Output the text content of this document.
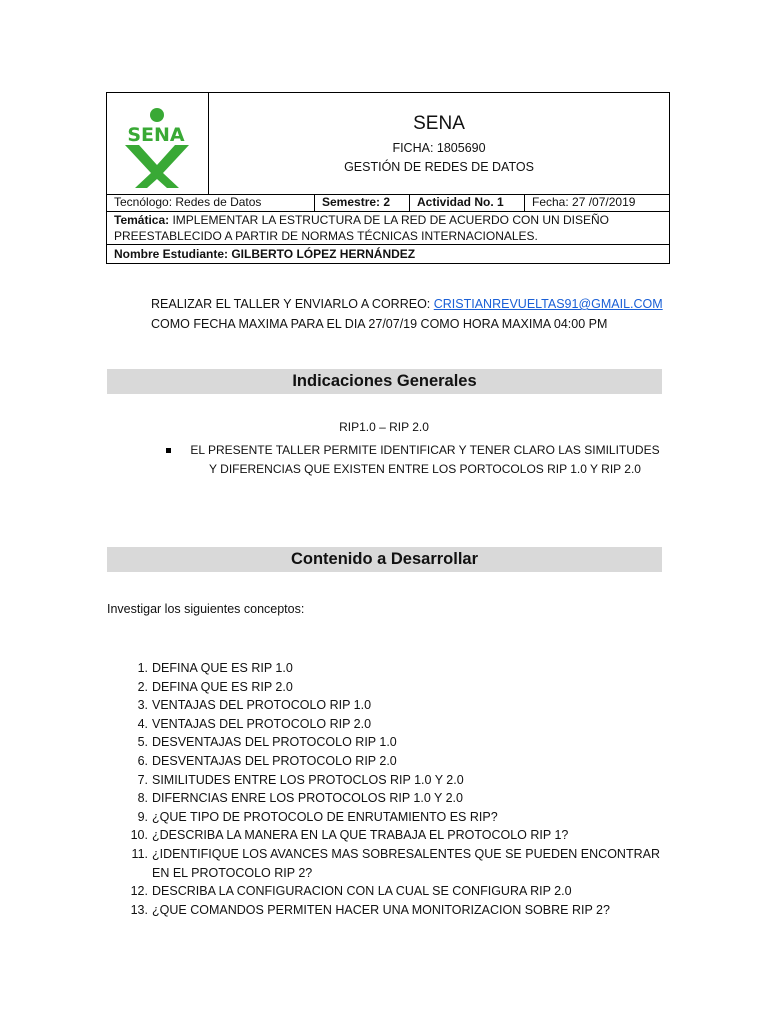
SENA
SENA
FICHA: 1805690
GESTIÓN DE REDES DE DATOS
Tecnólogo: Redes de Datos	Semestre: 2	Actividad No. 1	Fecha: 27 /07/2019
Temática: IMPLEMENTAR LA ESTRUCTURA DE LA RED DE ACUERDO CON UN DISEÑO PREESTABLECIDO A PARTIR DE NORMAS TÉCNICAS INTERNACIONALES.
Nombre Estudiante: GILBERTO LÓPEZ HERNÁNDEZ
REALIZAR EL TALLER Y ENVIARLO A CORREO: CRISTIANREVUELTAS91@GMAIL.COM
COMO FECHA MAXIMA PARA EL DIA 27/07/19 COMO HORA MAXIMA 04:00 PM
Indicaciones Generales
RIP1.0 – RIP 2.0
EL PRESENTE TALLER PERMITE IDENTIFICAR Y TENER CLARO LAS SIMILITUDES Y DIFERENCIAS QUE EXISTEN ENTRE LOS PORTOCOLOS RIP 1.0 Y RIP 2.0
Contenido a Desarrollar
Investigar los siguientes conceptos:
1. DEFINA QUE ES RIP 1.0
2. DEFINA QUE ES RIP 2.0
3. VENTAJAS DEL PROTOCOLO RIP 1.0
4. VENTAJAS DEL PROTOCOLO RIP 2.0
5. DESVENTAJAS DEL PROTOCOLO RIP 1.0
6. DESVENTAJAS DEL PROTOCOLO RIP 2.0
7. SIMILITUDES ENTRE LOS PROTOCLOS RIP 1.0 Y 2.0
8. DIFERNCIAS ENRE LOS PROTOCOLOS RIP 1.0 Y 2.0
9. ¿QUE TIPO DE PROTOCOLO DE ENRUTAMIENTO ES RIP?
10. ¿DESCRIBA LA MANERA EN LA QUE TRABAJA EL PROTOCOLO RIP 1?
11. ¿IDENTIFIQUE LOS AVANCES MAS SOBRESALENTES QUE SE PUEDEN ENCONTRAR EN EL PROTOCOLO RIP 2?
12. DESCRIBA LA CONFIGURACION CON LA CUAL SE CONFIGURA RIP 2.0
13. ¿QUE COMANDOS PERMITEN HACER UNA MONITORIZACION SOBRE RIP 2?
